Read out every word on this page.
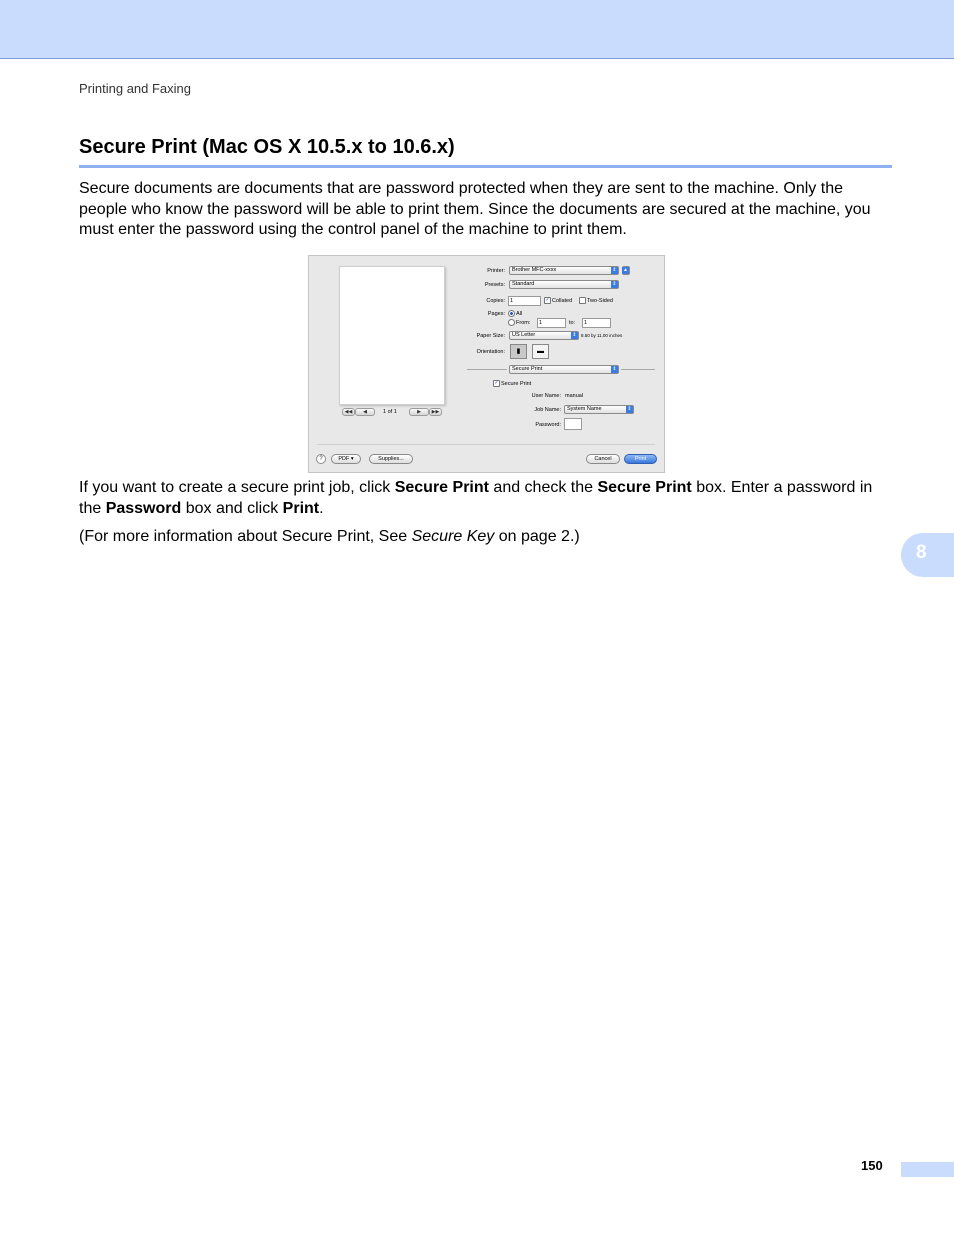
Printing and Faxing
Secure Print (Mac OS X 10.5.x to 10.6.x)

Secure documents are documents that are password protected when they are sent to the machine. Only the people who know the password will be able to print them. Since the documents are secured at the machine, you must enter the password using the control panel of the machine to print them.

◀◀	◀	1 of 1	▶	▶▶
Printer:	Brother MFC-xxxx	⇕ ▲
Presets:	Standard	⇕
Copies: 1	✓ Collated	Two-Sided
Pages: All
From:	1	to:	1
Paper Size:	US Letter	⇕ 8.50 by 11.00 inches
Orientation:	▮	▬
Secure Print	⇕
✓ Secure Print
User Name: manual
Job Name:	System Name	⇕
Password:
?	PDF ▾	Supplies...	Cancel	Print

If you want to create a secure print job, click Secure Print and check the Secure Print box. Enter a password in the Password box and click Print.

(For more information about Secure Print, See Secure Key on page 2.)

8
150
